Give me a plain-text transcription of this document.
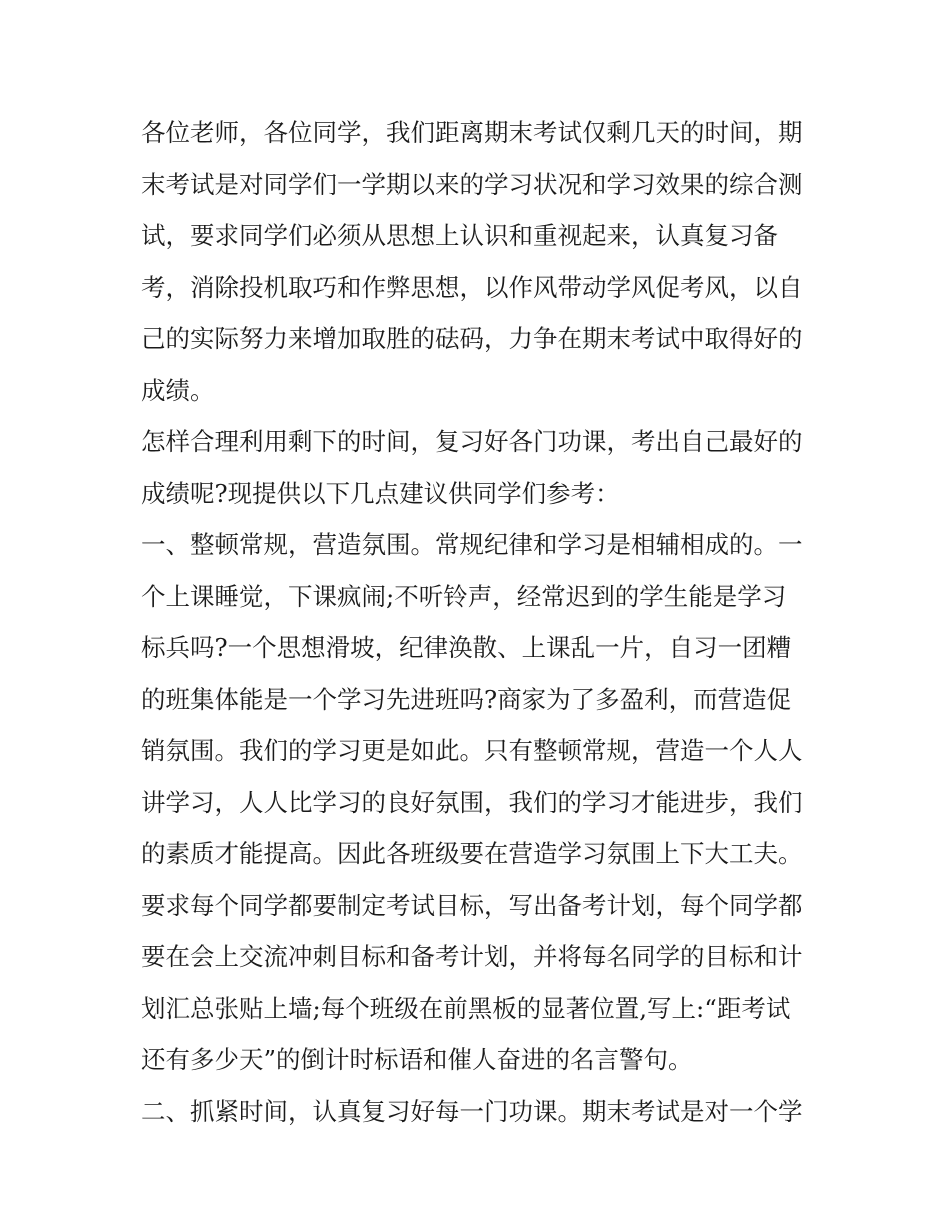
各位老师，各位同学，我们距离期末考试仅剩几天的时间，期
末考试是对同学们一学期以来的学习状况和学习效果的综合测
试，要求同学们必须从思想上认识和重视起来，认真复习备
考，消除投机取巧和作弊思想，以作风带动学风促考风，以自
己的实际努力来增加取胜的砝码，力争在期末考试中取得好的
成绩。
怎样合理利用剩下的时间，复习好各门功课，考出自己最好的
成绩呢?现提供以下几点建议供同学们参考：
一、整顿常规，营造氛围。常规纪律和学习是相辅相成的。一
个上课睡觉，下课疯闹;不听铃声，经常迟到的学生能是学习
标兵吗?一个思想滑坡，纪律涣散、上课乱一片，自习一团糟
的班集体能是一个学习先进班吗?商家为了多盈利，而营造促
销氛围。我们的学习更是如此。只有整顿常规，营造一个人人
讲学习，人人比学习的良好氛围，我们的学习才能进步，我们
的素质才能提高。因此各班级要在营造学习氛围上下大工夫。
要求每个同学都要制定考试目标，写出备考计划，每个同学都
要在会上交流冲刺目标和备考计划，并将每名同学的目标和计
划汇总张贴上墙;每个班级在前黑板的显著位置,写上:“距考试
还有多少天”的倒计时标语和催人奋进的名言警句。
二、抓紧时间，认真复习好每一门功课。期末考试是对一个学
